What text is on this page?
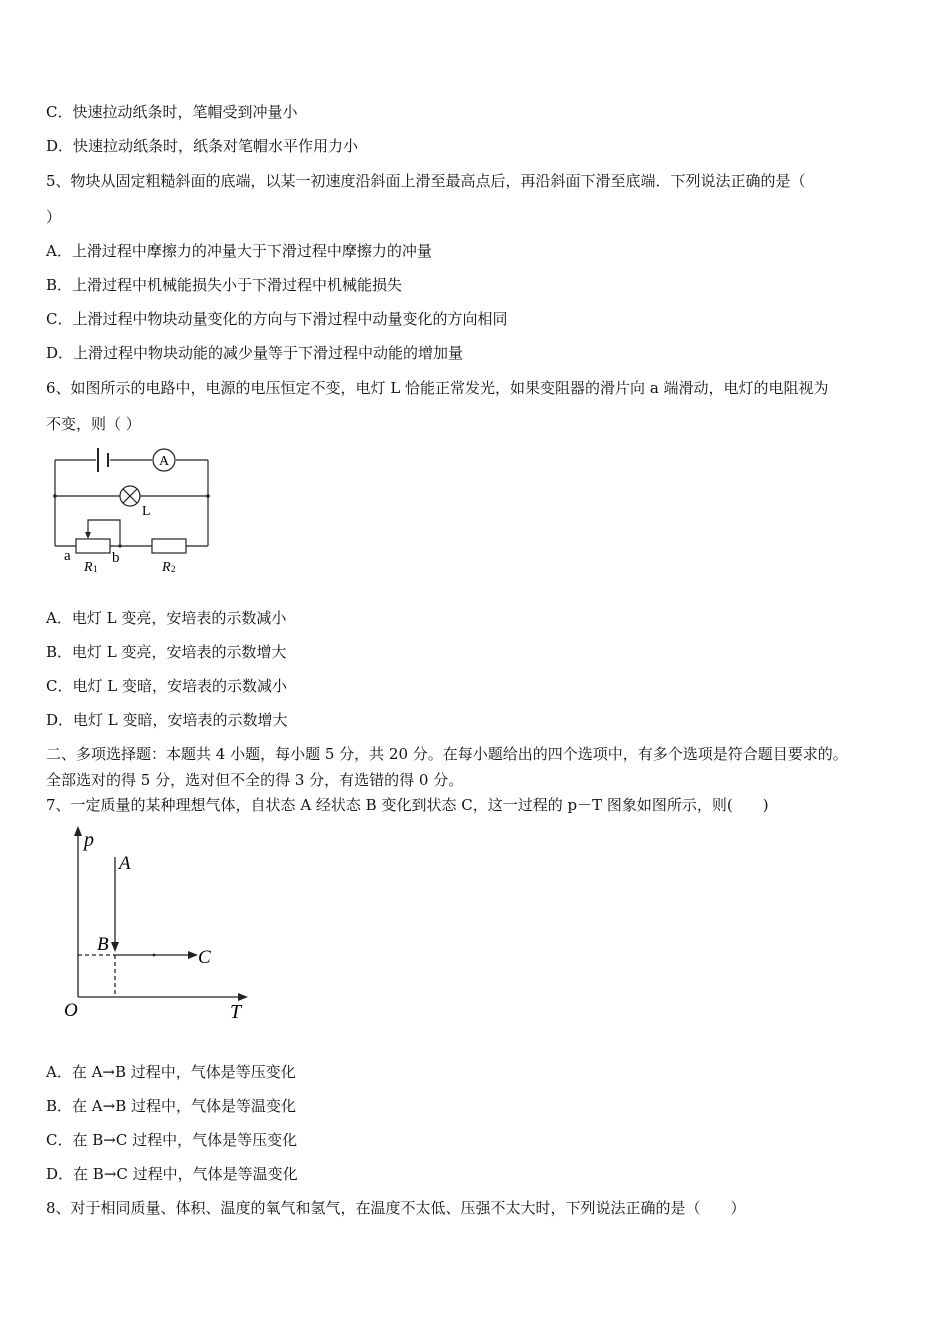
C．快速拉动纸条时，笔帽受到冲量小
D．快速拉动纸条时，纸条对笔帽水平作用力小
5、物块从固定粗糙斜面的底端，以某一初速度沿斜面上滑至最高点后，再沿斜面下滑至底端．下列说法正确的是（
）
A．上滑过程中摩擦力的冲量大于下滑过程中摩擦力的冲量
B．上滑过程中机械能损失小于下滑过程中机械能损失
C．上滑过程中物块动量变化的方向与下滑过程中动量变化的方向相同
D．上滑过程中物块动能的减少量等于下滑过程中动能的增加量
6、如图所示的电路中，电源的电压恒定不变，电灯 L 恰能正常发光，如果变阻器的滑片向 a 端滑动，电灯的电阻视为
不变，则（ ）
A
L
a	b
R 1	R 2
A．电灯 L 变亮，安培表的示数减小
B．电灯 L 变亮，安培表的示数增大
C．电灯 L 变暗，安培表的示数减小
D．电灯 L 变暗，安培表的示数增大
二、多项选择题：本题共 4 小题，每小题 5 分，共 20 分。在每小题给出的四个选项中，有多个选项是符合题目要求的。
全部选对的得 5 分，选对但不全的得 3 分，有选错的得 0 分。
7、一定质量的某种理想气体，自状态 A 经状态 B 变化到状态 C，这一过程的 p－T 图象如图所示，则(　　)
p
T
O
A
B
C
A．在 A→B 过程中，气体是等压变化
B．在 A→B 过程中，气体是等温变化
C．在 B→C 过程中，气体是等压变化
D．在 B→C 过程中，气体是等温变化
8、对于相同质量、体积、温度的氧气和氢气，在温度不太低、压强不太大时，下列说法正确的是（　　）
